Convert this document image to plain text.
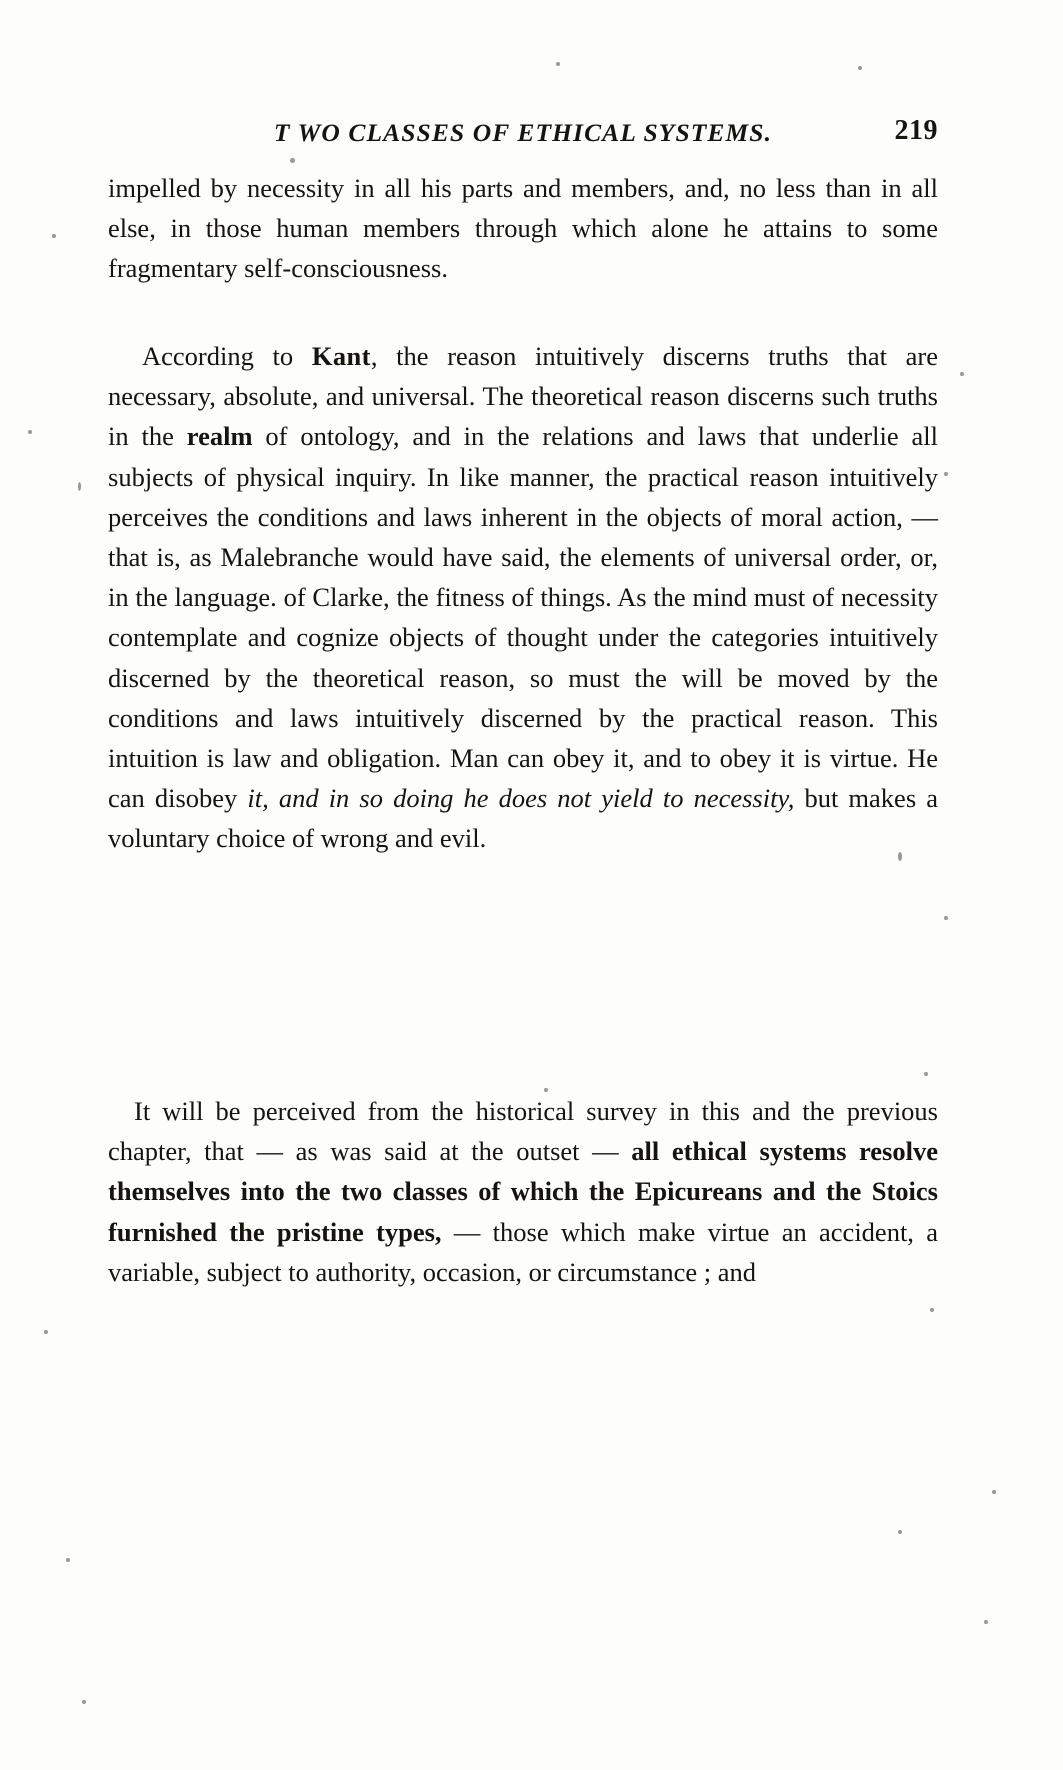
T WO CLASSES OF ETHICAL SYSTEMS.	219

impelled by necessity in all his parts and members, and, no less than in all else, in those human members through which alone he attains to some fragmentary self-consciousness.

According to Kant, the reason intuitively discerns truths that are necessary, absolute, and universal. The theoretical reason discerns such truths in the realm of ontology, and in the relations and laws that underlie all subjects of physical inquiry. In like manner, the practical reason intuitively perceives the conditions and laws inherent in the objects of moral action, — that is, as Malebranche would have said, the elements of universal order, or, in the language. of Clarke, the fitness of things. As the mind must of necessity contemplate and cognize objects of thought under the categories intuitively discerned by the theoretical reason, so must the will be moved by the conditions and laws intuitively discerned by the practical reason. This intuition is law and obligation. Man can obey it, and to obey it is virtue. He can disobey it, and in so doing he does not yield to necessity, but makes a voluntary choice of wrong and evil.

It will be perceived from the historical survey in this and the previous chapter, that — as was said at the outset — all ethical systems resolve themselves into the two classes of which the Epicureans and the Stoics furnished the pristine types, — those which make virtue an accident, a variable, subject to authority, occasion, or circumstance ; and
